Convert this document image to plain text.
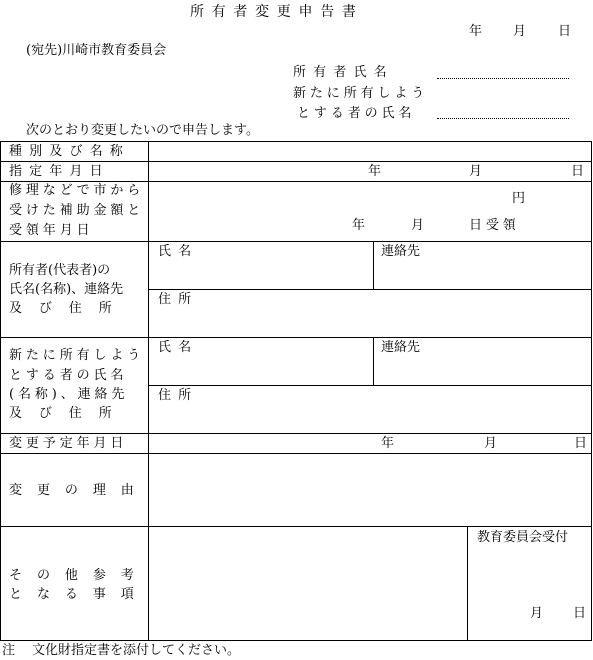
所有者変更申告書
年 月 日
(宛先)川崎市教育委員会
所有者氏名
新たに所有しよう
とする者の氏名
次のとおり変更したいので申告します。
種別及び名称
指定年月日	年	月	日
修理などで市から
受けた補助金額と
受領年月日
円
年	月	日受領
所有者(代表者)の
氏名(名称)、連絡先
及び住所
氏名	連絡先
住所
新たに所有しよう
とする者の氏名
(名称)、連絡先
及び住所
氏名	連絡先
住所
変更予定年月日	年	月	日
変更の理由
その他参考
となる事項
教育委員会受付
月 日
注 文化財指定書を添付してください。
